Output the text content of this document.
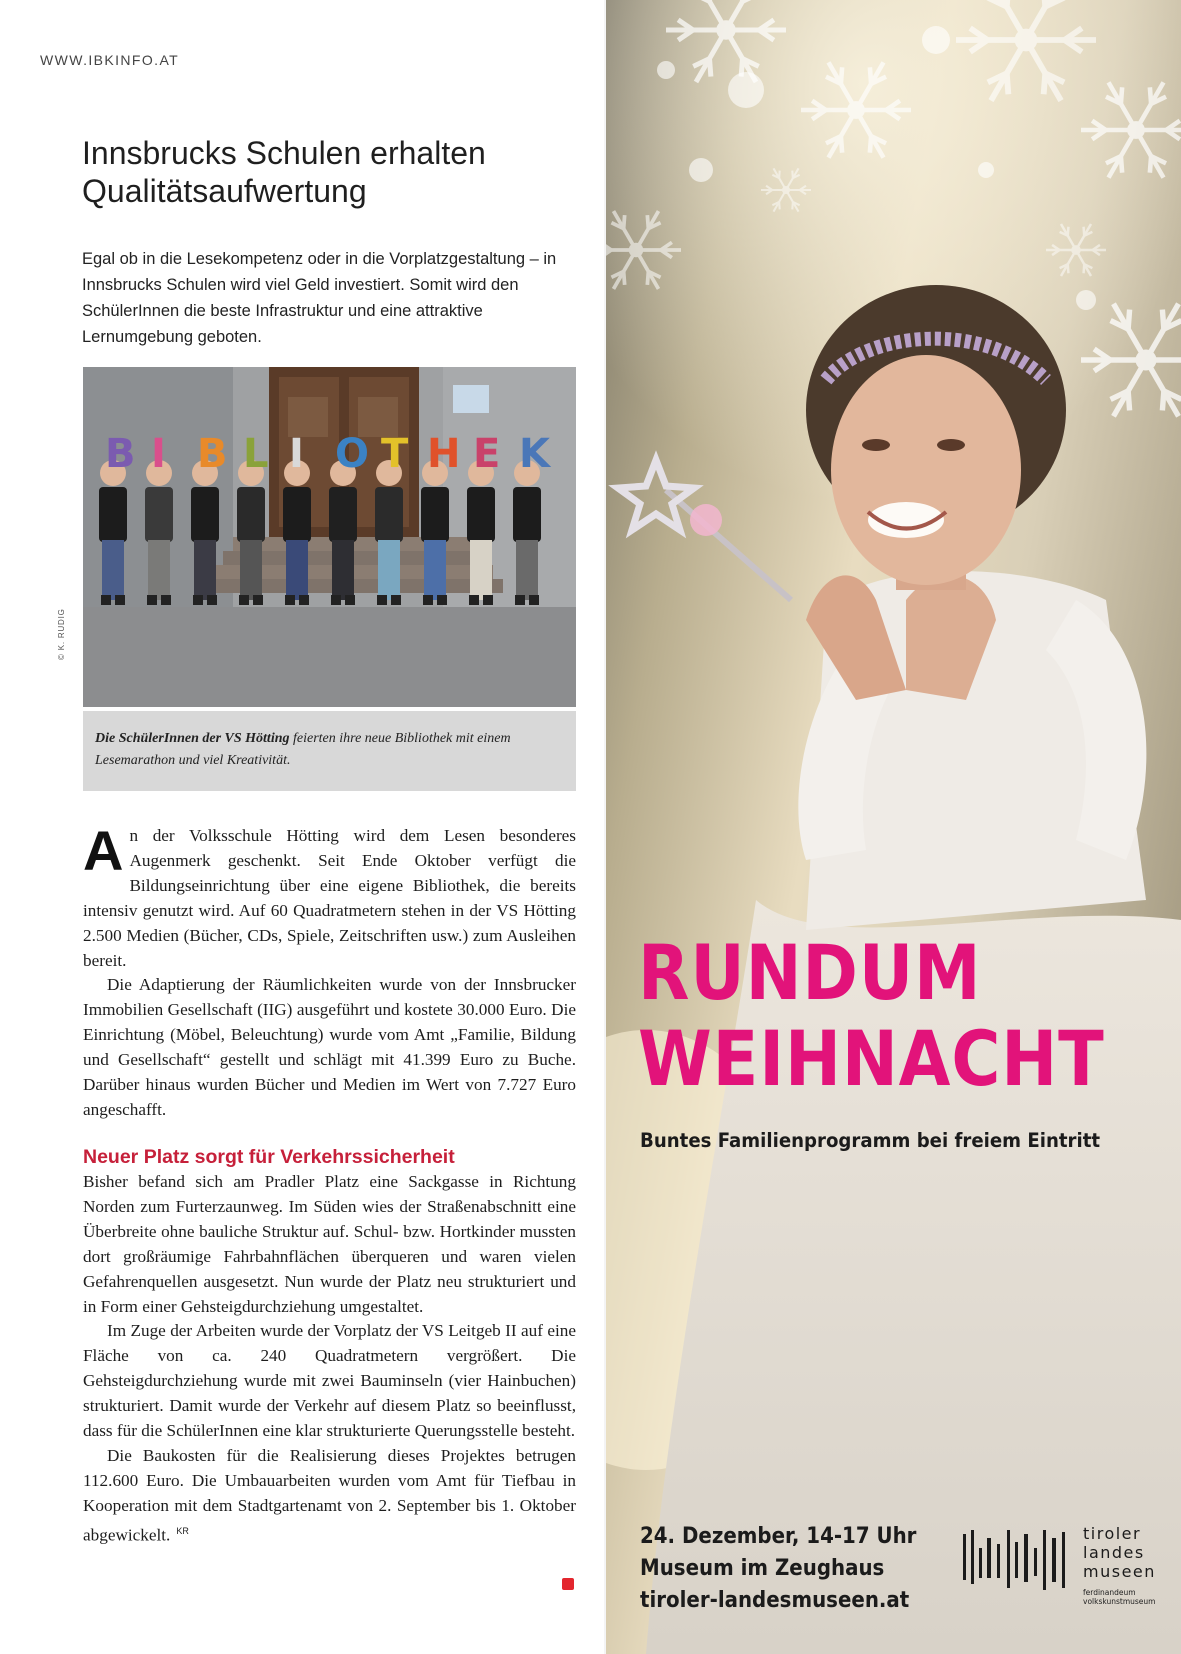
WWW.IBKINFO.AT
Innsbrucks Schulen erhalten
Qualitätsaufwertung

Egal ob in die Lesekompetenz oder in die Vorplatzgestaltung – in Innsbrucks Schulen wird viel Geld investiert. Somit wird den SchülerInnen die beste Infrastruktur und eine attraktive Lernumgebung geboten.

B I B L I O T H E K
© K. RUDIG
Die SchülerInnen der VS Hötting feierten ihre neue Bibliothek mit einem Lesemarathon und viel Kreativität.

An der Volksschule Hötting wird dem Lesen besonderes Augenmerk geschenkt. Seit Ende Oktober verfügt die Bildungseinrichtung über eine eigene Bibliothek, die bereits intensiv genutzt wird. Auf 60 Quadratmetern stehen in der VS Hötting 2.500 Medien (Bücher, CDs, Spiele, Zeitschriften usw.) zum Ausleihen bereit.

Die Adaptierung der Räumlichkeiten wurde von der Innsbrucker Immobilien Gesellschaft (IIG) ausgeführt und kostete 30.000 Euro. Die Einrichtung (Möbel, Beleuchtung) wurde vom Amt „Familie, Bildung und Gesellschaft“ gestellt und schlägt mit 41.399 Euro zu Buche. Darüber hinaus wurden Bücher und Medien im Wert von 7.727 Euro angeschafft.

Neuer Platz sorgt für Verkehrssicherheit

Bisher befand sich am Pradler Platz eine Sackgasse in Richtung Norden zum Furterzaunweg. Im Süden wies der Straßenabschnitt eine Überbreite ohne bauliche Struktur auf. Schul- bzw. Hortkinder mussten dort großräumige Fahrbahnflächen überqueren und waren vielen Gefahrenquellen ausgesetzt. Nun wurde der Platz neu strukturiert und in Form einer Gehsteigdurchziehung umgestaltet.

Im Zuge der Arbeiten wurde der Vorplatz der VS Leitgeb II auf eine Fläche von ca. 240 Quadratmetern vergrößert. Die Gehsteigdurchziehung wurde mit zwei Bauminseln (vier Hainbuchen) strukturiert. Damit wurde der Verkehr auf diesem Platz so beeinflusst, dass für die SchülerInnen eine klar strukturierte Querungsstelle besteht.

Die Baukosten für die Realisierung dieses Projektes betrugen 112.600 Euro. Die Umbauarbeiten wurden vom Amt für Tiefbau in Kooperation mit dem Stadtgartenamt von 2. September bis 1. Oktober abgewickelt. $^{KR}$

RUNDUM
WEIHNACHT
Buntes Familienprogramm bei freiem Eintritt
24. Dezember, 14-17 Uhr
Museum im Zeughaus
tiroler-landesmuseen.at
tiroler
landes
museen
ferdinandeum
volkskunstmuseum
